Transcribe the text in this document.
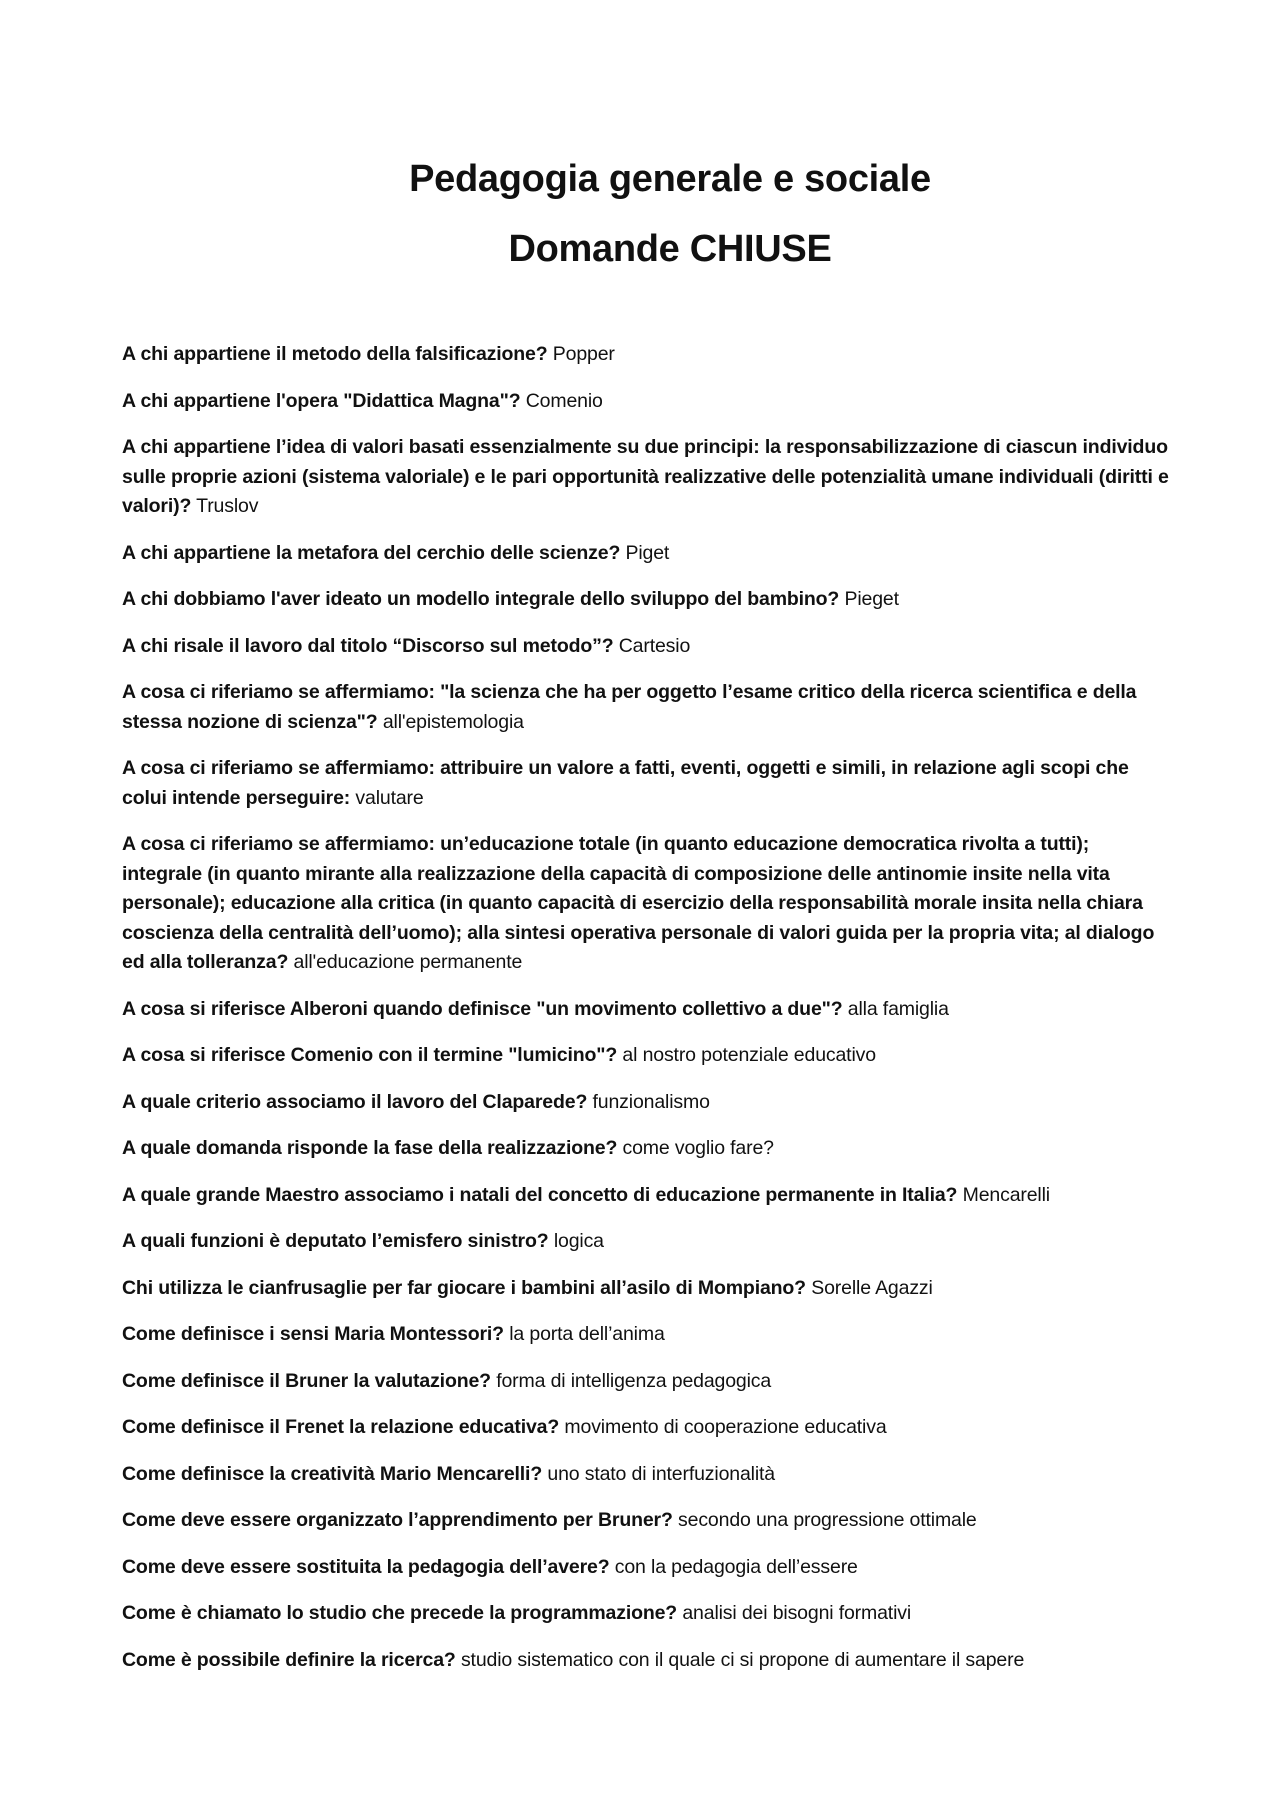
Pedagogia generale e sociale
Domande CHIUSE
A chi appartiene il metodo della falsificazione? Popper
A chi appartiene l'opera "Didattica Magna"? Comenio
A chi appartiene l’idea di valori basati essenzialmente su due principi: la responsabilizzazione di ciascun individuo sulle proprie azioni (sistema valoriale) e le pari opportunità realizzative delle potenzialità umane individuali (diritti e valori)? Truslov
A chi appartiene la metafora del cerchio delle scienze? Piget
A chi dobbiamo l'aver ideato un modello integrale dello sviluppo del bambino? Pieget
A chi risale il lavoro dal titolo “Discorso sul metodo”? Cartesio
A cosa ci riferiamo se affermiamo: "la scienza che ha per oggetto l’esame critico della ricerca scientifica e della stessa nozione di scienza"? all'epistemologia
A cosa ci riferiamo se affermiamo: attribuire un valore a fatti, eventi, oggetti e simili, in relazione agli scopi che colui intende perseguire: valutare
A cosa ci riferiamo se affermiamo: un’educazione totale (in quanto educazione democratica rivolta a tutti); integrale (in quanto mirante alla realizzazione della capacità di composizione delle antinomie insite nella vita personale); educazione alla critica (in quanto capacità di esercizio della responsabilità morale insita nella chiara coscienza della centralità dell’uomo); alla sintesi operativa personale di valori guida per la propria vita; al dialogo ed alla tolleranza? all'educazione permanente
A cosa si riferisce Alberoni quando definisce "un movimento collettivo a due"? alla famiglia
A cosa si riferisce Comenio con il termine "lumicino"? al nostro potenziale educativo
A quale criterio associamo il lavoro del Claparede? funzionalismo
A quale domanda risponde la fase della realizzazione? come voglio fare?
A quale grande Maestro associamo i natali del concetto di educazione permanente in Italia? Mencarelli
A quali funzioni è deputato l’emisfero sinistro? logica
Chi utilizza le cianfrusaglie per far giocare i bambini all’asilo di Mompiano? Sorelle Agazzi
Come definisce i sensi Maria Montessori? la porta dell’anima
Come definisce il Bruner la valutazione? forma di intelligenza pedagogica
Come definisce il Frenet la relazione educativa? movimento di cooperazione educativa
Come definisce la creatività Mario Mencarelli? uno stato di interfuzionalità
Come deve essere organizzato l’apprendimento per Bruner? secondo una progressione ottimale
Come deve essere sostituita la pedagogia dell’avere? con la pedagogia dell’essere
Come è chiamato lo studio che precede la programmazione? analisi dei bisogni formativi
Come è possibile definire la ricerca? studio sistematico con il quale ci si propone di aumentare il sapere
